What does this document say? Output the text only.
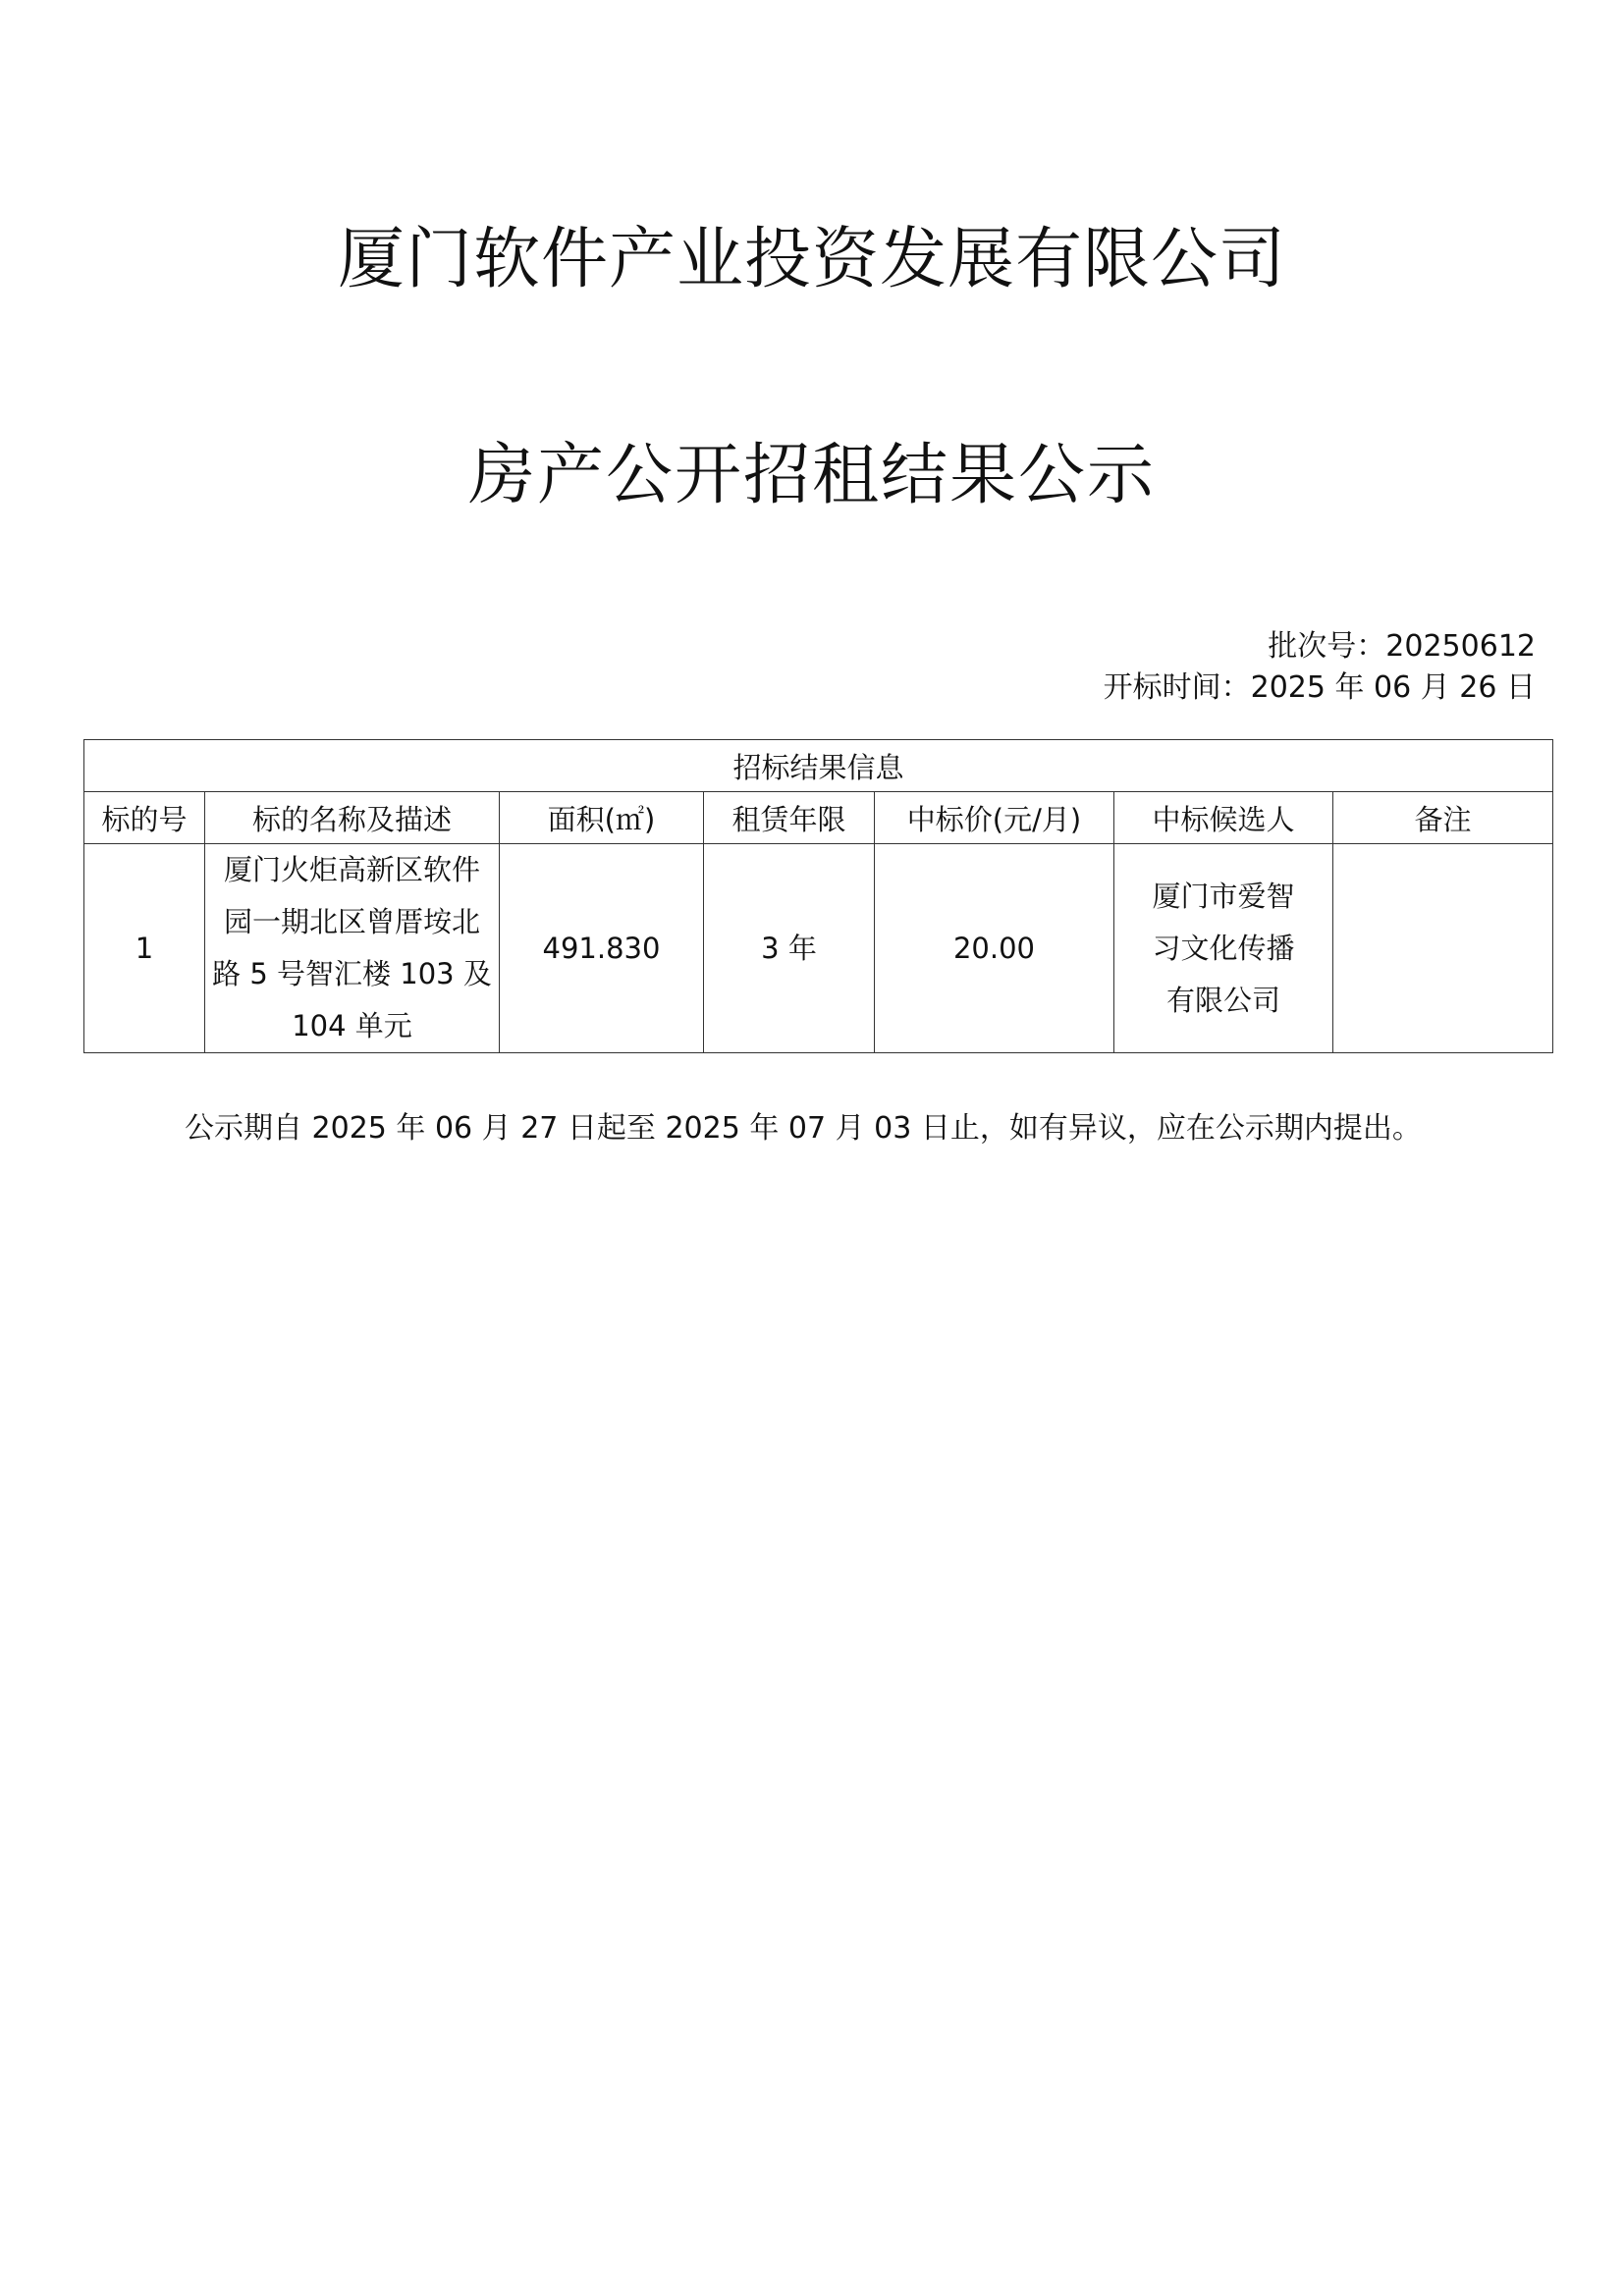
厦门软件产业投资发展有限公司
房产公开招租结果公示
批次号：20250612
开标时间：2025 年 06 月 26 日
招标结果信息						
标的号	标的名称及描述	面积(㎡)	租赁年限	中标价(元/月)	中标候选人	备注
1	厦门火炬高新区软件园一期北区曾厝垵北路 5 号智汇楼 103 及 104 单元	491.830	3 年	20.00	厦门市爱智习文化传播有限公司	
公示期自 2025 年 06 月 27 日起至 2025 年 07 月 03 日止，如有异议，应在公示期内提出。
